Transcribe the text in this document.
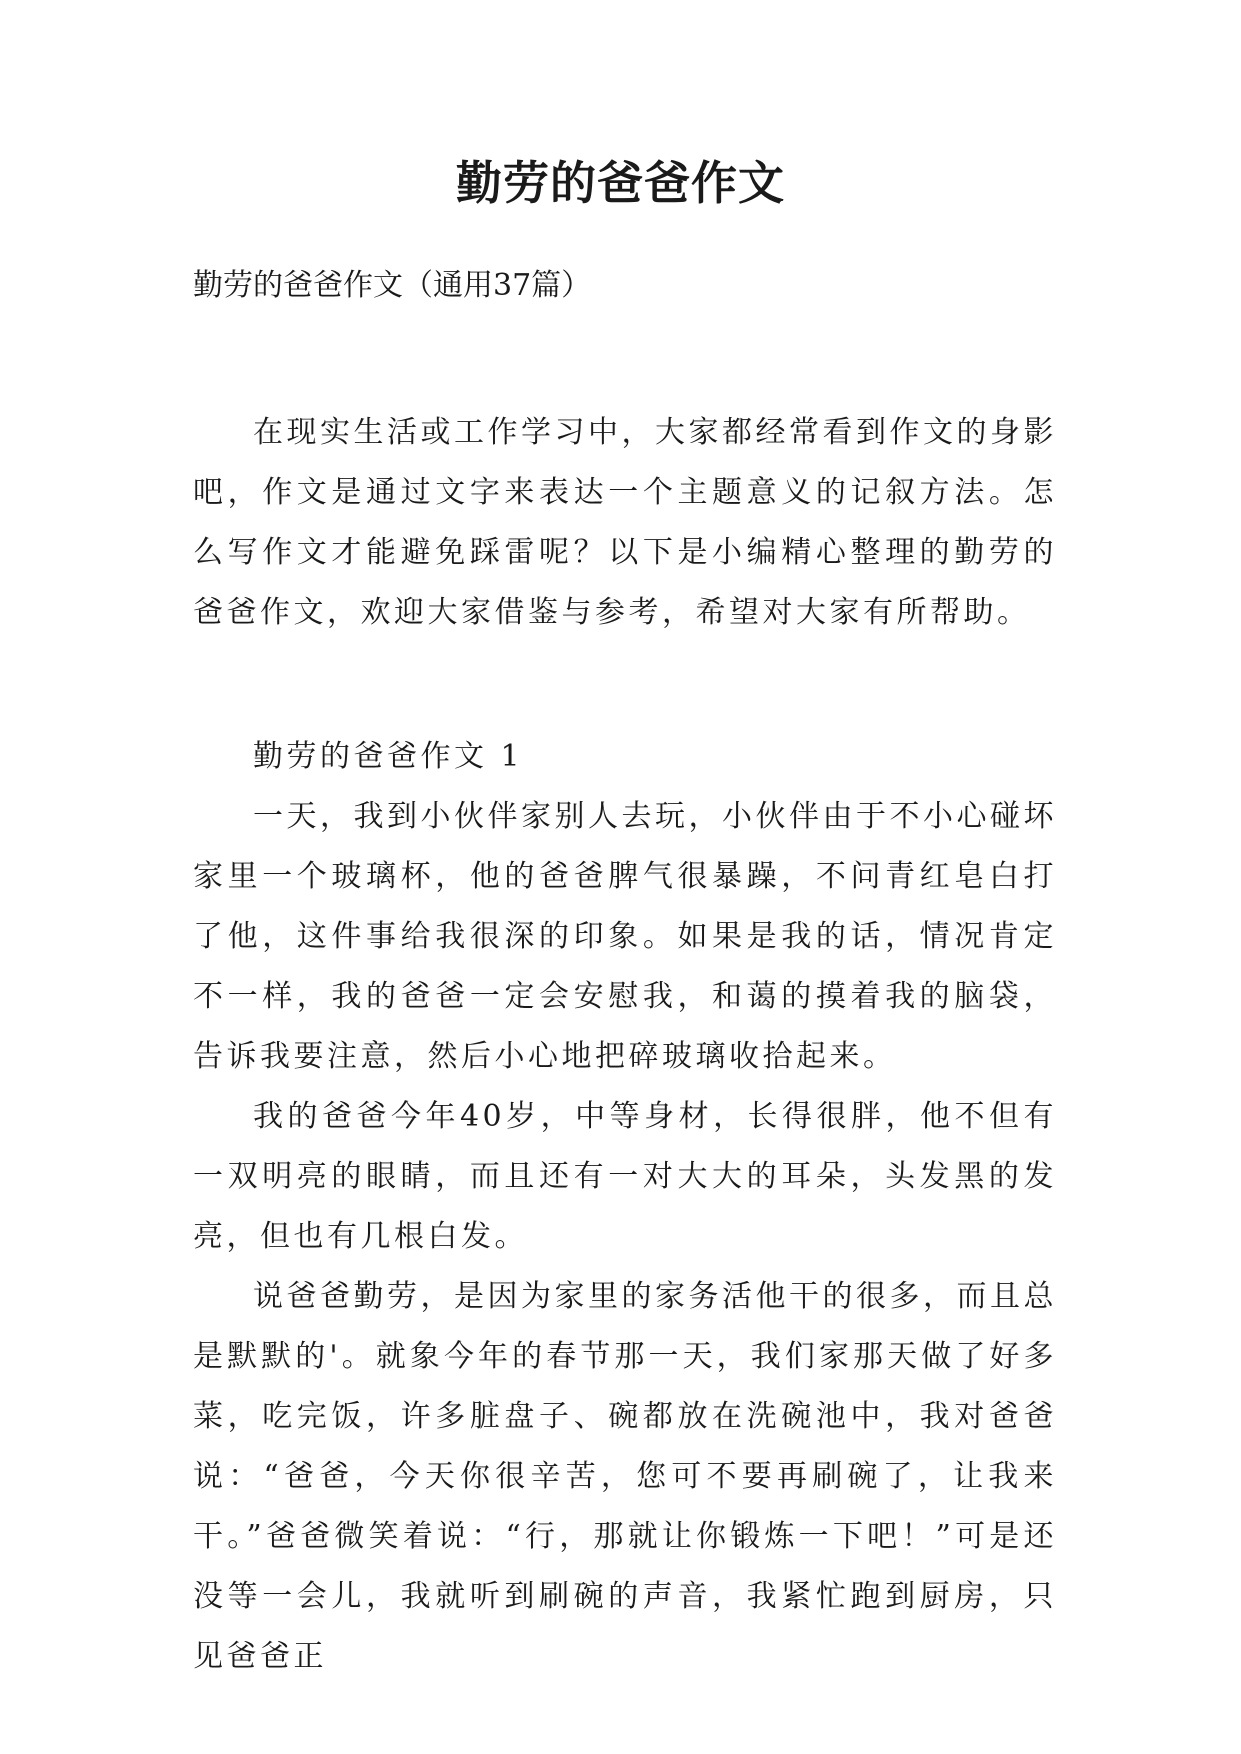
勤劳的爸爸作文
勤劳的爸爸作文（通用37篇）

在现实生活或工作学习中，大家都经常看到作文的身影吧，作文是通过文字来表达一个主题意义的记叙方法。怎么写作文才能避免踩雷呢？以下是小编精心整理的勤劳的爸爸作文，欢迎大家借鉴与参考，希望对大家有所帮助。

勤劳的爸爸作文 1

一天，我到小伙伴家别人去玩，小伙伴由于不小心碰坏家里一个玻璃杯，他的爸爸脾气很暴躁，不问青红皂白打了他，这件事给我很深的印象。如果是我的话，情况肯定不一样，我的爸爸一定会安慰我，和蔼的摸着我的脑袋，告诉我要注意，然后小心地把碎玻璃收拾起来。

我的爸爸今年40岁，中等身材，长得很胖，他不但有一双明亮的眼睛，而且还有一对大大的耳朵，头发黑的发亮，但也有几根白发。

说爸爸勤劳，是因为家里的家务活他干的很多，而且总是默默的'。就象今年的春节那一天，我们家那天做了好多菜，吃完饭，许多脏盘子、碗都放在洗碗池中，我对爸爸说：“爸爸，今天你很辛苦，您可不要再刷碗了，让我来干。”爸爸微笑着说：“行，那就让你锻炼一下吧！”可是还没等一会儿，我就听到刷碗的声音，我紧忙跑到厨房，只见爸爸正
